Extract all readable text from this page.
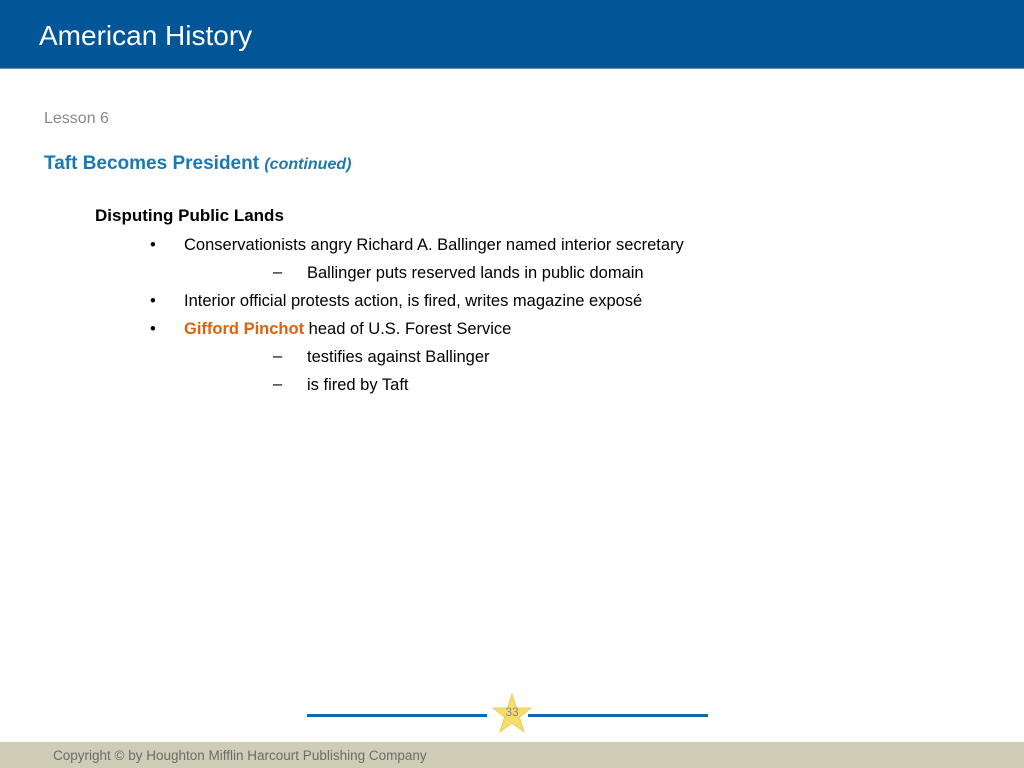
American History
Lesson 6
Taft Becomes President (continued)
Disputing Public Lands
• Conservationists angry Richard A. Ballinger named interior secretary
– Ballinger puts reserved lands in public domain
• Interior official protests action, is fired, writes magazine exposé
• Gifford Pinchot head of U.S. Forest Service
– testifies against Ballinger
– is fired by Taft
33
Copyright © by Houghton Mifflin Harcourt Publishing Company
